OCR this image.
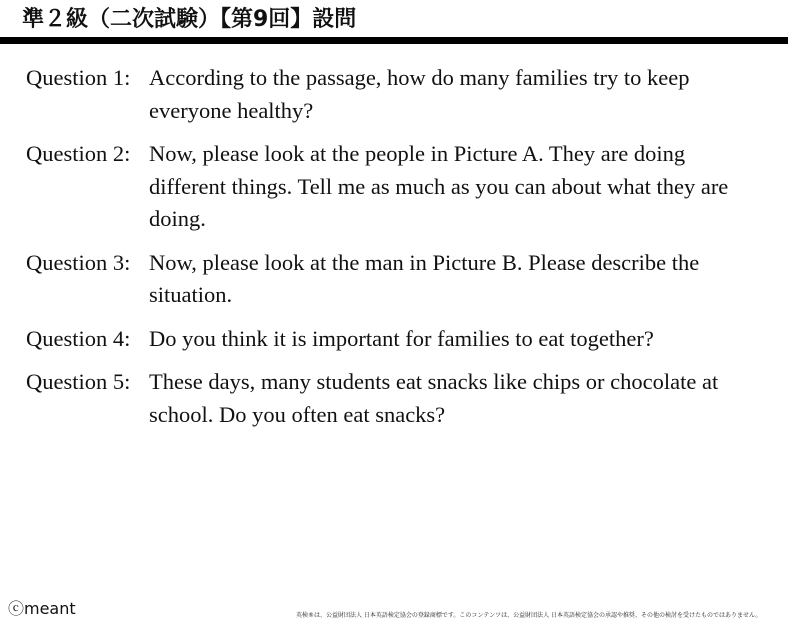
準２級（二次試験）【第9回】設問
Question 1: According to the passage, how do many families try to keep everyone healthy?
Question 2: Now, please look at the people in Picture A. They are doing different things. Tell me as much as you can about what they are doing.
Question 3: Now, please look at the man in Picture B. Please describe the situation.
Question 4: Do you think it is important for families to eat together?
Question 5: These days, many students eat snacks like chips or chocolate at school. Do you often eat snacks?
ⓒmeant	英検®は、公益財団法人 日本英語検定協会の登録商標です。このコンテンツは、公益財団法人 日本英語検定協会の承認や推奨、その他の検討を受けたものではありません。
